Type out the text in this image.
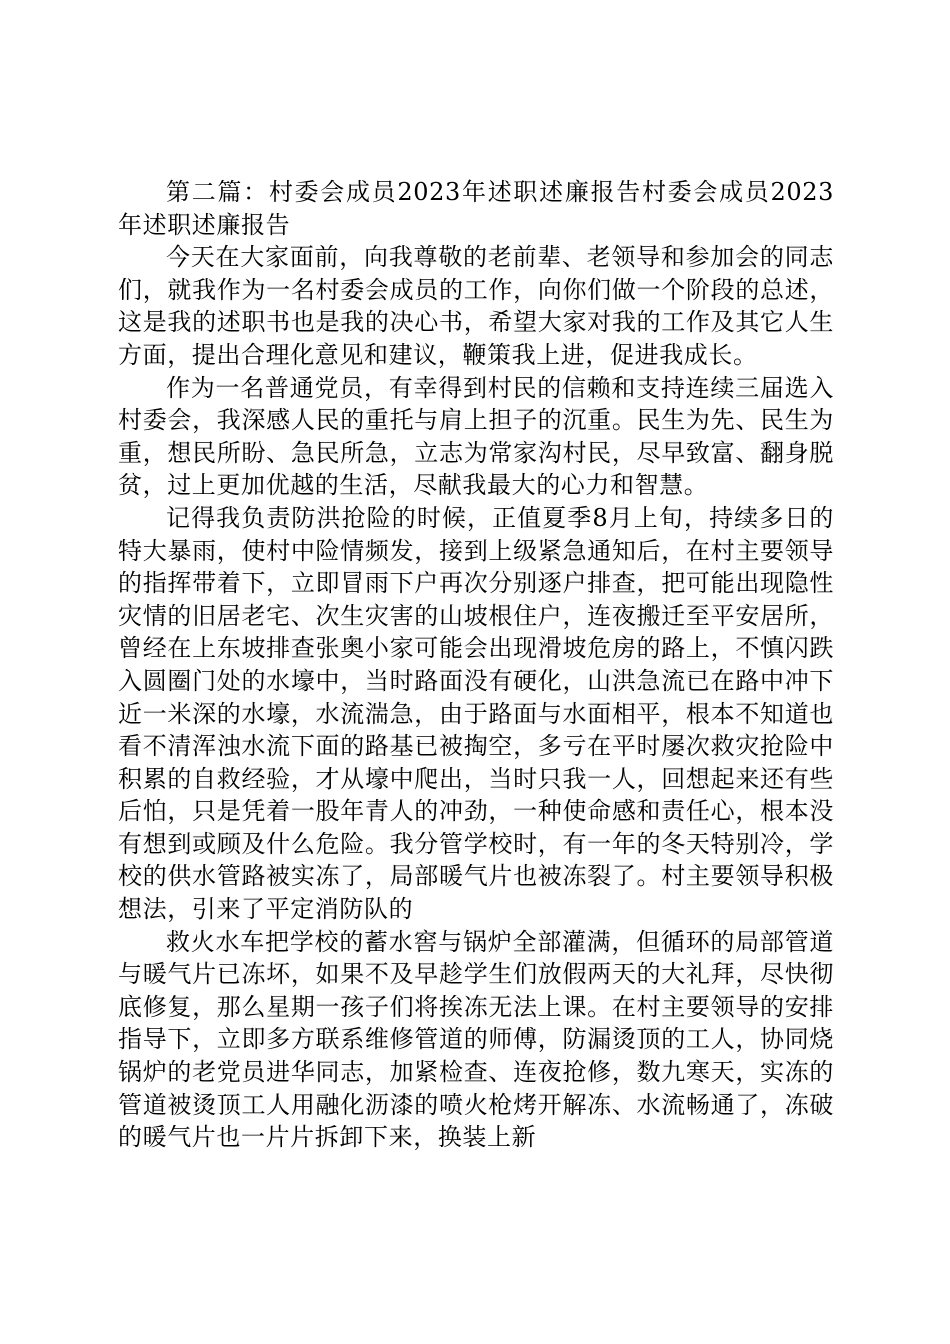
第二篇：村委会成员2023年述职述廉报告村委会成员2023年述职述廉报告

今天在大家面前，向我尊敬的老前辈、老领导和参加会的同志们，就我作为一名村委会成员的工作，向你们做一个阶段的总述，这是我的述职书也是我的决心书，希望大家对我的工作及其它人生方面，提出合理化意见和建议，鞭策我上进，促进我成长。

作为一名普通党员，有幸得到村民的信赖和支持连续三届选入村委会，我深感人民的重托与肩上担子的沉重。民生为先、民生为重，想民所盼、急民所急，立志为常家沟村民，尽早致富、翻身脱贫，过上更加优越的生活，尽献我最大的心力和智慧。

记得我负责防洪抢险的时候，正值夏季8月上旬，持续多日的特大暴雨，使村中险情频发，接到上级紧急通知后，在村主要领导的指挥带着下，立即冒雨下户再次分别逐户排查，把可能出现隐性灾情的旧居老宅、次生灾害的山坡根住户，连夜搬迁至平安居所，曾经在上东坡排查张奥小家可能会出现滑坡危房的路上，不慎闪跌入圆圈门处的水壕中，当时路面没有硬化，山洪急流已在路中冲下近一米深的水壕，水流湍急，由于路面与水面相平，根本不知道也看不清浑浊水流下面的路基已被掏空，多亏在平时屡次救灾抢险中积累的自救经验，才从壕中爬出，当时只我一人，回想起来还有些后怕，只是凭着一股年青人的冲劲，一种使命感和责任心，根本没有想到或顾及什么危险。我分管学校时，有一年的冬天特别冷，学校的供水管路被实冻了，局部暖气片也被冻裂了。村主要领导积极想法，引来了平定消防队的

救火水车把学校的蓄水窖与锅炉全部灌满，但循环的局部管道与暖气片已冻坏，如果不及早趁学生们放假两天的大礼拜，尽快彻底修复，那么星期一孩子们将挨冻无法上课。在村主要领导的安排指导下，立即多方联系维修管道的师傅，防漏烫顶的工人，协同烧锅炉的老党员进华同志，加紧检查、连夜抢修，数九寒天，实冻的管道被烫顶工人用融化沥漆的喷火枪烤开解冻、水流畅通了，冻破的暖气片也一片片拆卸下来，换装上新
